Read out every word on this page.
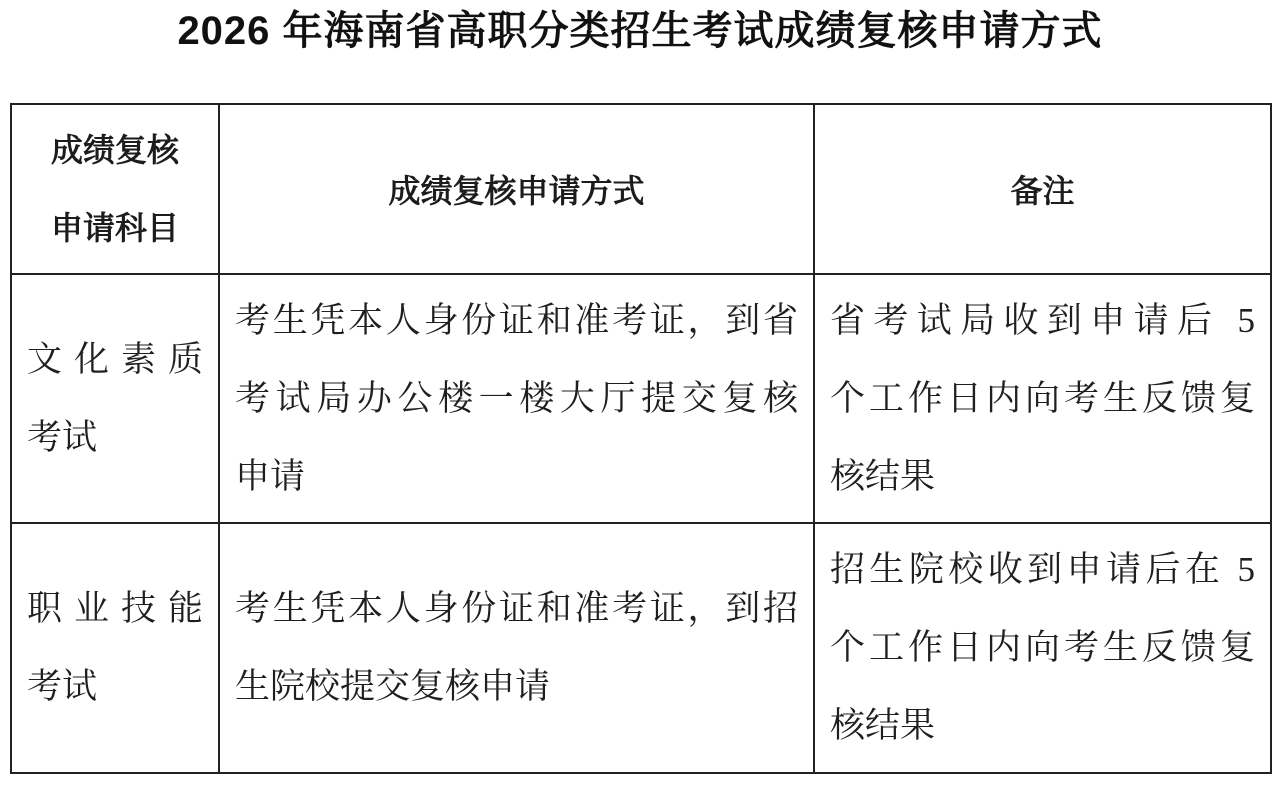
2026 年海南省高职分类招生考试成绩复核申请方式
成绩复核
申请科目	成绩复核申请方式	备注

文化素质
考试	考生凭本人身份证和准考证，到省
考试局办公楼一楼大厅提交复核
申请	省考试局收到申请后 5
个工作日内向考生反馈复
核结果

职业技能
考试	考生凭本人身份证和准考证，到招
生院校提交复核申请	招生院校收到申请后在 5
个工作日内向考生反馈复
核结果
